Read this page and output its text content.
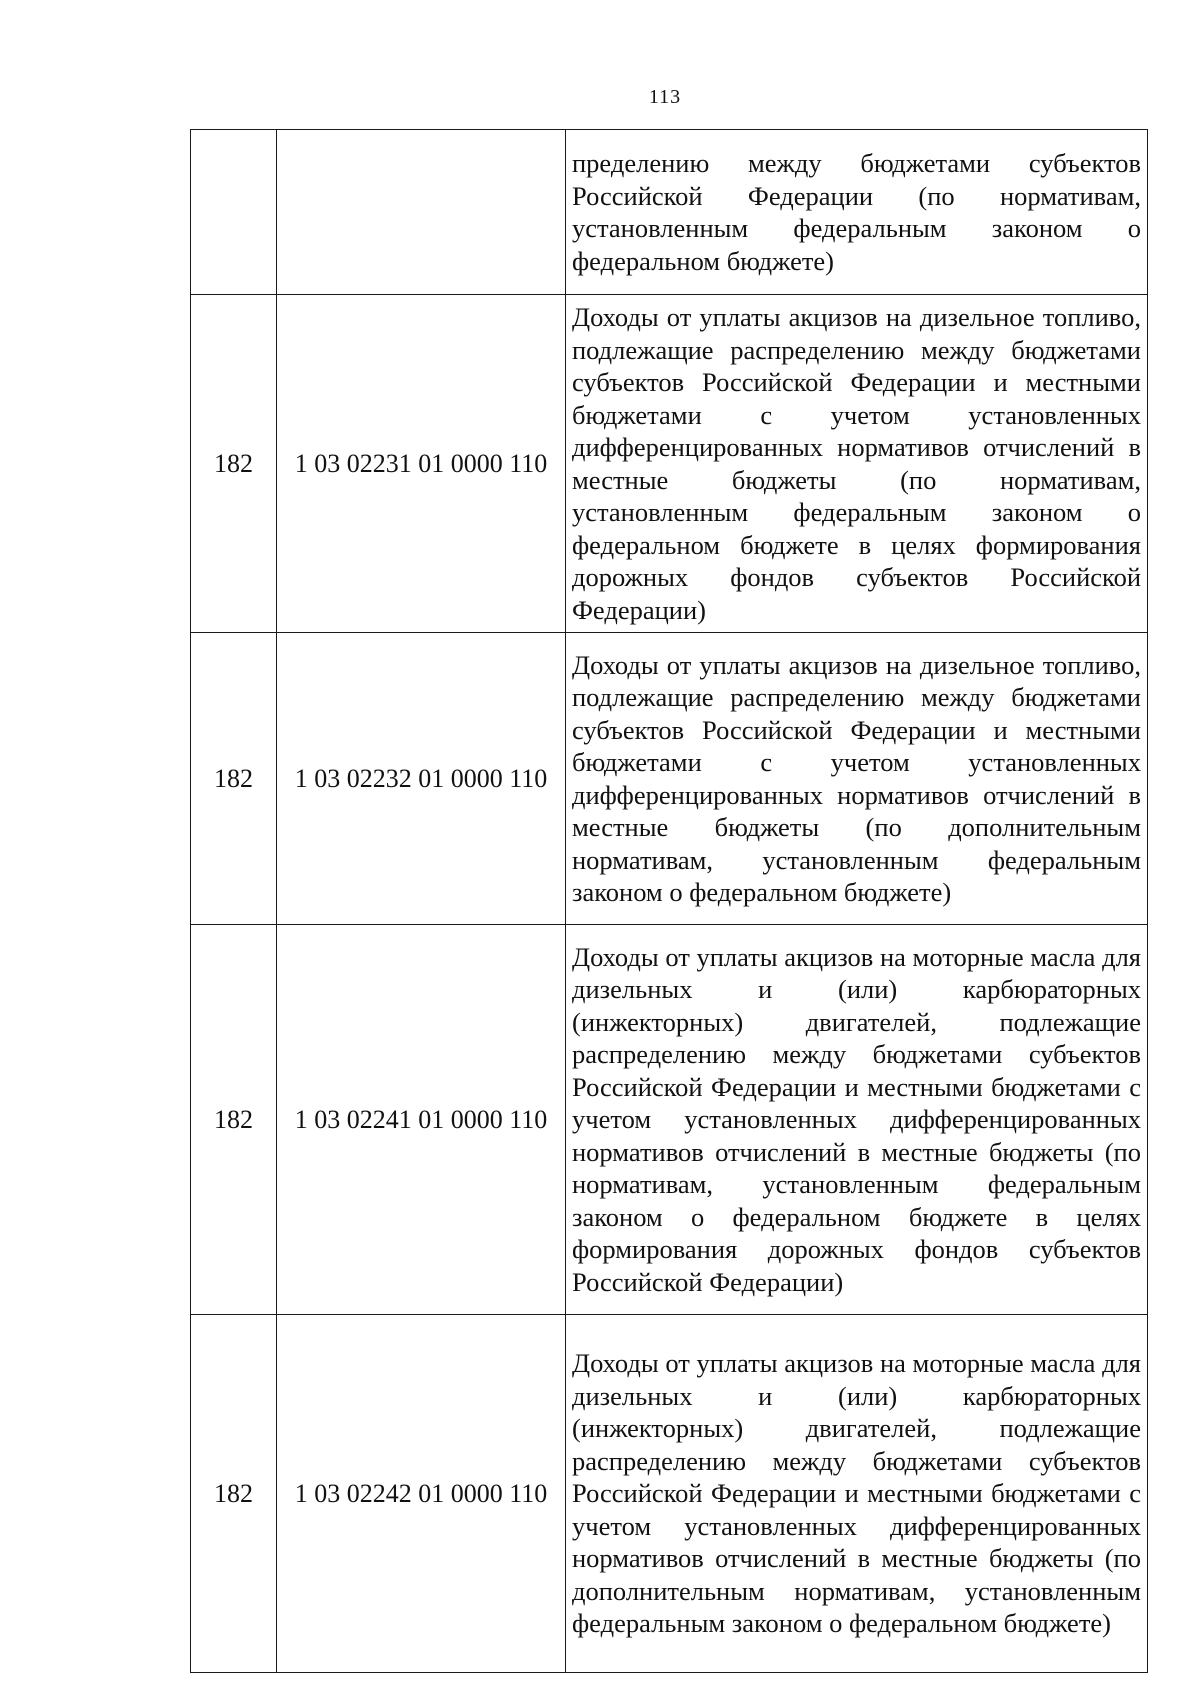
113

		пределению между бюджетами субъектов Российской Федерации (по нормативам, установленным федеральным законом о федеральном бюджете)

182	1 03 02231 01 0000 110	Доходы от уплаты акцизов на дизельное топливо, подлежащие распределению между бюджетами субъектов Российской Федерации и местными бюджетами с учетом установленных дифференцированных нормативов отчислений в местные бюджеты (по нормативам, установленным федеральным законом о федеральном бюджете в целях формирования дорожных фондов субъектов Российской Федерации)

182	1 03 02232 01 0000 110	Доходы от уплаты акцизов на дизельное топливо, подлежащие распределению между бюджетами субъектов Российской Федерации и местными бюджетами с учетом установленных дифференцированных нормативов отчислений в местные бюджеты (по дополнительным нормативам, установленным федеральным законом о федеральном бюджете)

182	1 03 02241 01 0000 110	Доходы от уплаты акцизов на моторные масла для дизельных и (или) карбюраторных (инжекторных) двигателей, подлежащие распределению между бюджетами субъектов Российской Федерации и местными бюджетами с учетом установленных дифференцированных нормативов отчислений в местные бюджеты (по нормативам, установленным федеральным законом о федеральном бюджете в целях формирования дорожных фондов субъектов Российской Федерации)

182	1 03 02242 01 0000 110	Доходы от уплаты акцизов на моторные масла для дизельных и (или) карбюраторных (инжекторных) двигателей, подлежащие распределению между бюджетами субъектов Российской Федерации и местными бюджетами с учетом установленных дифференцированных нормативов отчислений в местные бюджеты (по дополнительным нормативам, установленным федеральным законом о федеральном бюджете)
